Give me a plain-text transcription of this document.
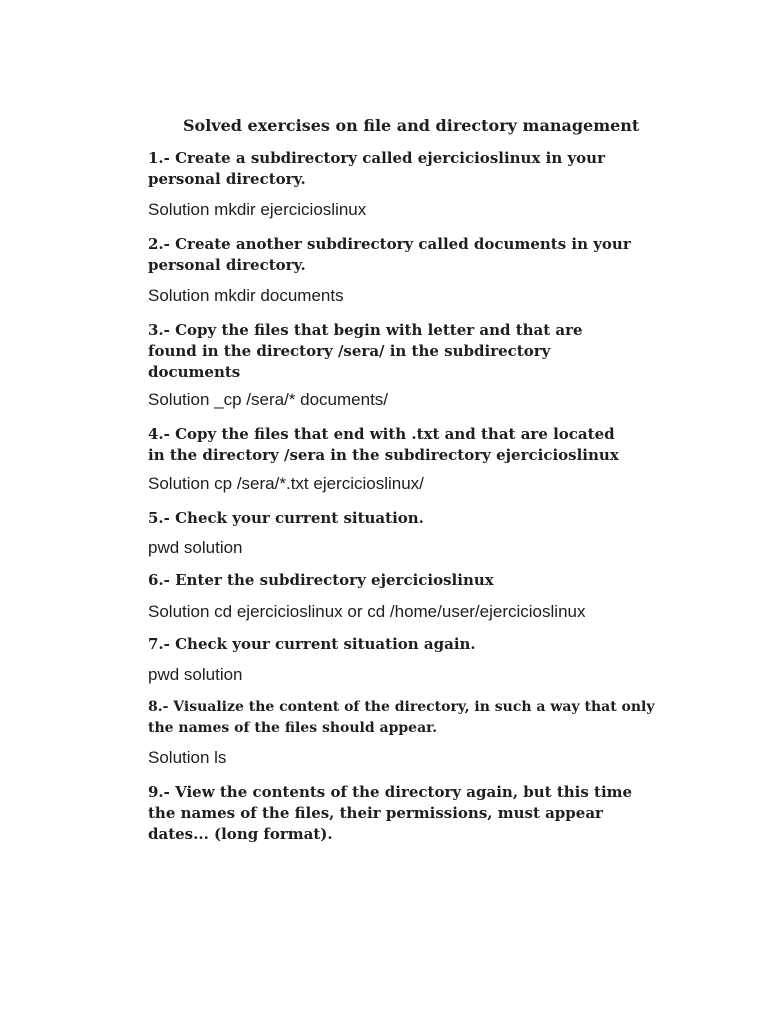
Solved exercises on file and directory management
1.- Create a subdirectory called ejercicioslinux in your
personal directory.
Solution mkdir ejercicioslinux
2.- Create another subdirectory called documents in your
personal directory.
Solution mkdir documents
3.- Copy the files that begin with letter and that are
found in the directory /sera/ in the subdirectory
documents
Solution _cp /sera/* documents/
4.- Copy the files that end with .txt and that are located
in the directory /sera in the subdirectory ejercicioslinux
Solution cp /sera/*.txt ejercicioslinux/
5.- Check your current situation.
pwd solution
6.- Enter the subdirectory ejercicioslinux
Solution cd ejercicioslinux or cd /home/user/ejercicioslinux
7.- Check your current situation again.
pwd solution
8.- Visualize the content of the directory, in such a way that only
the names of the files should appear.
Solution ls
9.- View the contents of the directory again, but this time
the names of the files, their permissions, must appear
dates... (long format).
